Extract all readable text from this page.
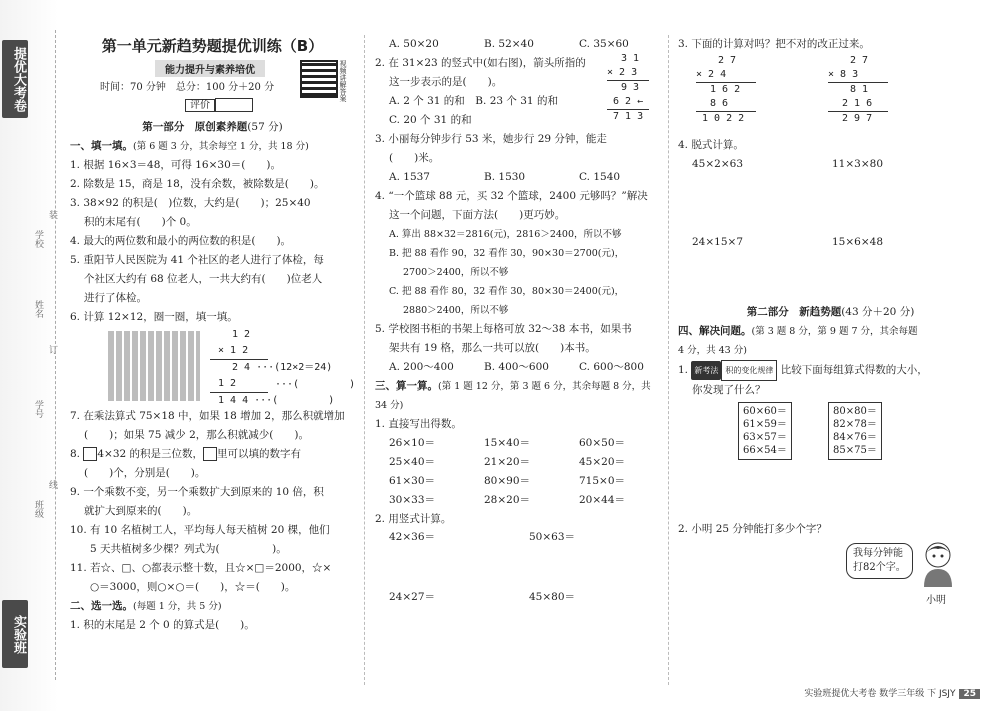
提优大考卷
实验班
学校
姓名
学号
班级
装
订
线
第一单元新趋势题提优训练（B）
能力提升与素养培优	视频讲解答案
时间：70 分钟　总分：100 分＋20 分
评价
第一部分　原创素养题(57 分)
一、填一填。(第 6 题 3 分，其余每空 1 分，共 18 分)
1. 根据 16×3＝48，可得 16×30＝(　　)。
2. 除数是 15，商是 18，没有余数，被除数是(　　)。
3. 38×92 的积是(　)位数，大约是(　　)；25×40
积的末尾有(　　)个 0。
4. 最大的两位数和最小的两位数的积是(　　)。
5. 重阳节人民医院为 41 个社区的老人进行了体检，每
个社区大约有 68 位老人，一共大约有(　　)位老人
进行了体检。
6. 计算 12×12，圈一圈，填一填。
1 2
× 1 2
2 4 ···(12×2＝24)
1 2
1 4 4 ···(　　　　　)
···(　　　　　)
7. 在乘法算式 75×18 中，如果 18 增加 2，那么积就增加
(　　)；如果 75 减少 2，那么积就减少(　　)。
8. 4×32 的积是三位数， 里可以填的数字有
(　　)个，分别是(　　)。
9. 一个乘数不变，另一个乘数扩大到原来的 10 倍，积
就扩大到原来的(　　)。
10. 有 10 名植树工人，平均每人每天植树 20 棵，他们
5 天共植树多少棵？列式为(　　　　　)。
11. 若☆、□、○都表示整十数，且☆×□＝2000，☆×
○＝3000，则○×○＝(　　)，☆＝(　　)。
二、选一选。(每题 1 分，共 5 分)
1. 积的末尾是 2 个 0 的算式是(　　)。
A. 50×20	B. 52×40	C. 35×60
2. 在 31×23 的竖式中(如右图)，箭头所指的
这一步表示的是(　　)。
A. 2 个 31 的和　B. 23 个 31 的和
C. 20 个 31 的和
3 1
× 2 3
9 3
6 2 ←
7 1 3
3. 小丽每分钟步行 53 米，她步行 29 分钟，能走
(　　)米。
A. 1537	B. 1530	C. 1540
4. “一个篮球 88 元，买 32 个篮球，2400 元够吗？”解决
这一个问题，下面方法(　　)更巧妙。
A. 算出 88×32＝2816(元)，2816＞2400，所以不够
B. 把 88 看作 90，32 看作 30，90×30＝2700(元)，
2700＞2400，所以不够
C. 把 88 看作 80，32 看作 30，80×30＝2400(元)，
2880＞2400，所以不够
5. 学校图书柜的书架上每格可放 32～38 本书，如果书
架共有 19 格，那么一共可以放(　　)本书。
A. 200～400	B. 400～600	C. 600～800
三、算一算。(第 1 题 12 分，第 3 题 6 分，其余每题 8 分，共
34 分)
1. 直接写出得数。
26×10＝	15×40＝	60×50＝
25×40＝	21×20＝	45×20＝
61×30＝	80×90＝	715×0＝
30×33＝	28×20＝	20×44＝
2. 用竖式计算。
42×36＝	50×63＝
24×27＝	45×80＝
3. 下面的计算对吗？把不对的改正过来。
2 7
× 2 4
1 6 2
8 6
1 0 2 2
2 7
× 8 3
8 1
2 1 6
2 9 7
4. 脱式计算。
45×2×63	11×3×80
24×15×7	15×6×48
第二部分　新趋势题(43 分＋20 分)
四、解决问题。(第 3 题 8 分，第 9 题 7 分，其余每题
4 分，共 43 分)
1. 新考法 积的变化规律 比较下面每组算式得数的大小，
你发现了什么？
60×60＝
61×59＝
63×57＝
66×54＝
80×80＝
82×78＝
84×76＝
85×75＝
2. 小明 25 分钟能打多少个字？
我每分钟能
打82个字。
小明
实验班提优大考卷 数学三年级 下 JSJY 25
